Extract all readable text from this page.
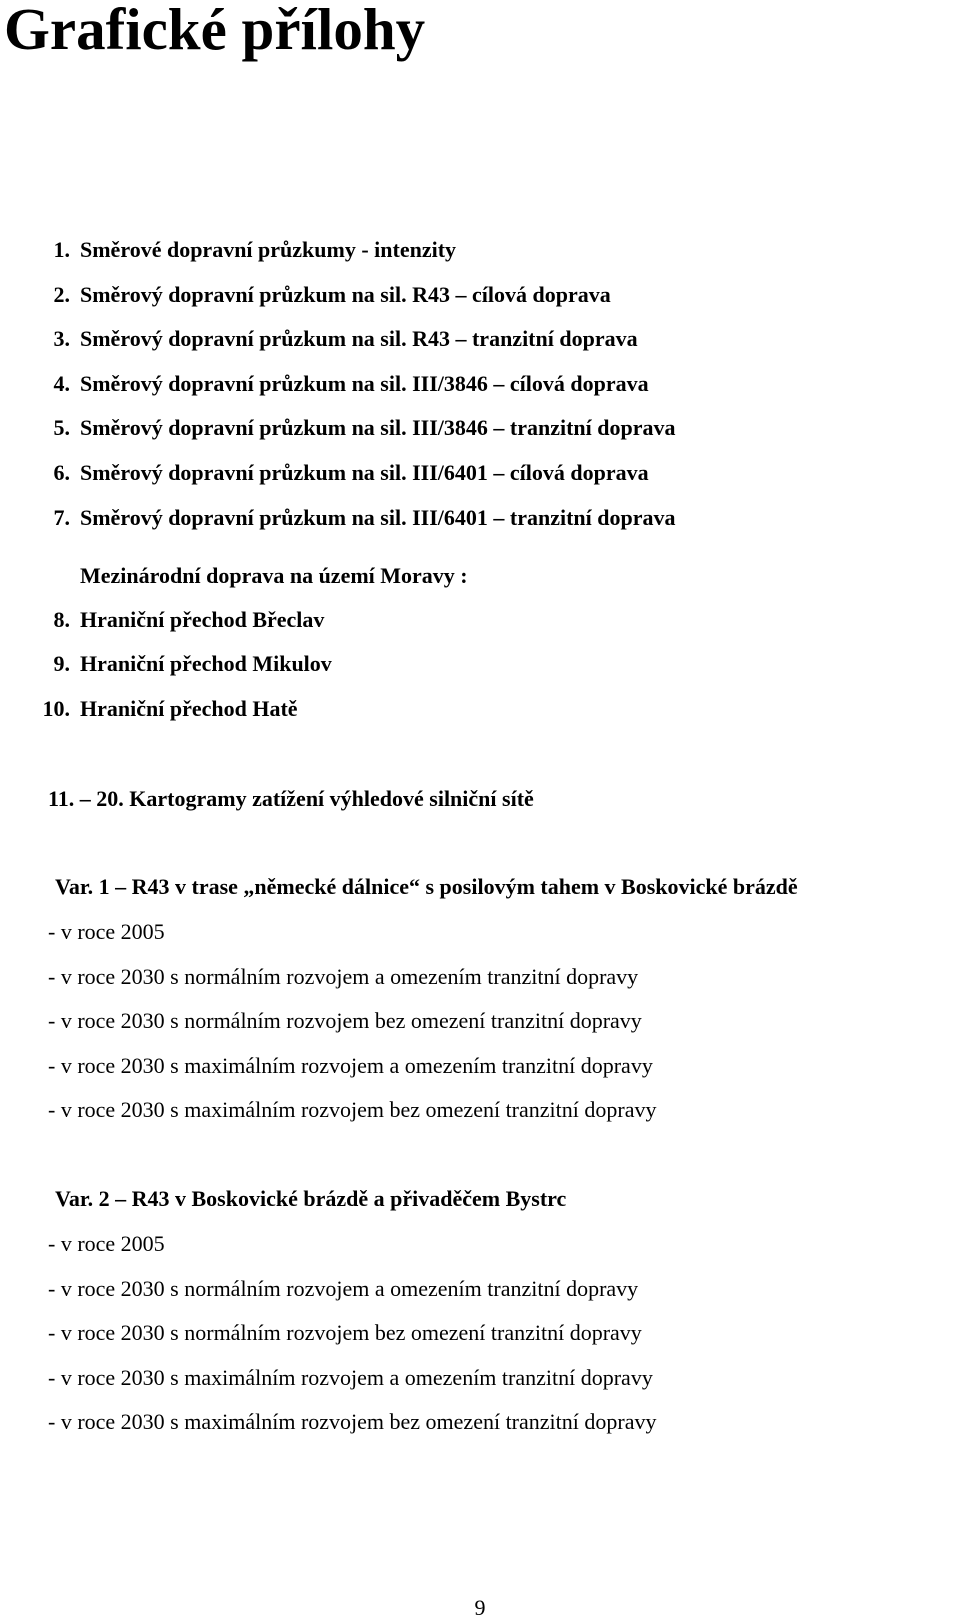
Grafické přílohy
1. Směrové dopravní průzkumy - intenzity
2. Směrový dopravní průzkum na sil. R43 – cílová doprava
3. Směrový dopravní průzkum na sil. R43 – tranzitní doprava
4. Směrový dopravní průzkum na sil. III/3846 – cílová doprava
5. Směrový dopravní průzkum na sil. III/3846 – tranzitní doprava
6. Směrový dopravní průzkum na sil. III/6401 – cílová doprava
7. Směrový dopravní průzkum na sil. III/6401 – tranzitní doprava
Mezinárodní doprava na území Moravy :
8. Hraniční přechod Břeclav
9. Hraniční přechod Mikulov
10. Hraniční přechod Hatě
11. – 20. Kartogramy zatížení výhledové silniční sítě
Var. 1 – R43 v trase „německé dálnice“ s posilovým tahem v Boskovické brázdě
- v roce 2005
- v roce 2030 s normálním rozvojem a omezením tranzitní dopravy
- v roce 2030 s normálním rozvojem bez omezení tranzitní dopravy
- v roce 2030 s maximálním rozvojem a omezením tranzitní dopravy
- v roce 2030 s maximálním rozvojem bez omezení tranzitní dopravy
Var. 2 – R43 v Boskovické brázdě a přivaděčem Bystrc
- v roce 2005
- v roce 2030 s normálním rozvojem a omezením tranzitní dopravy
- v roce 2030 s normálním rozvojem bez omezení tranzitní dopravy
- v roce 2030 s maximálním rozvojem a omezením tranzitní dopravy
- v roce 2030 s maximálním rozvojem bez omezení tranzitní dopravy
9
